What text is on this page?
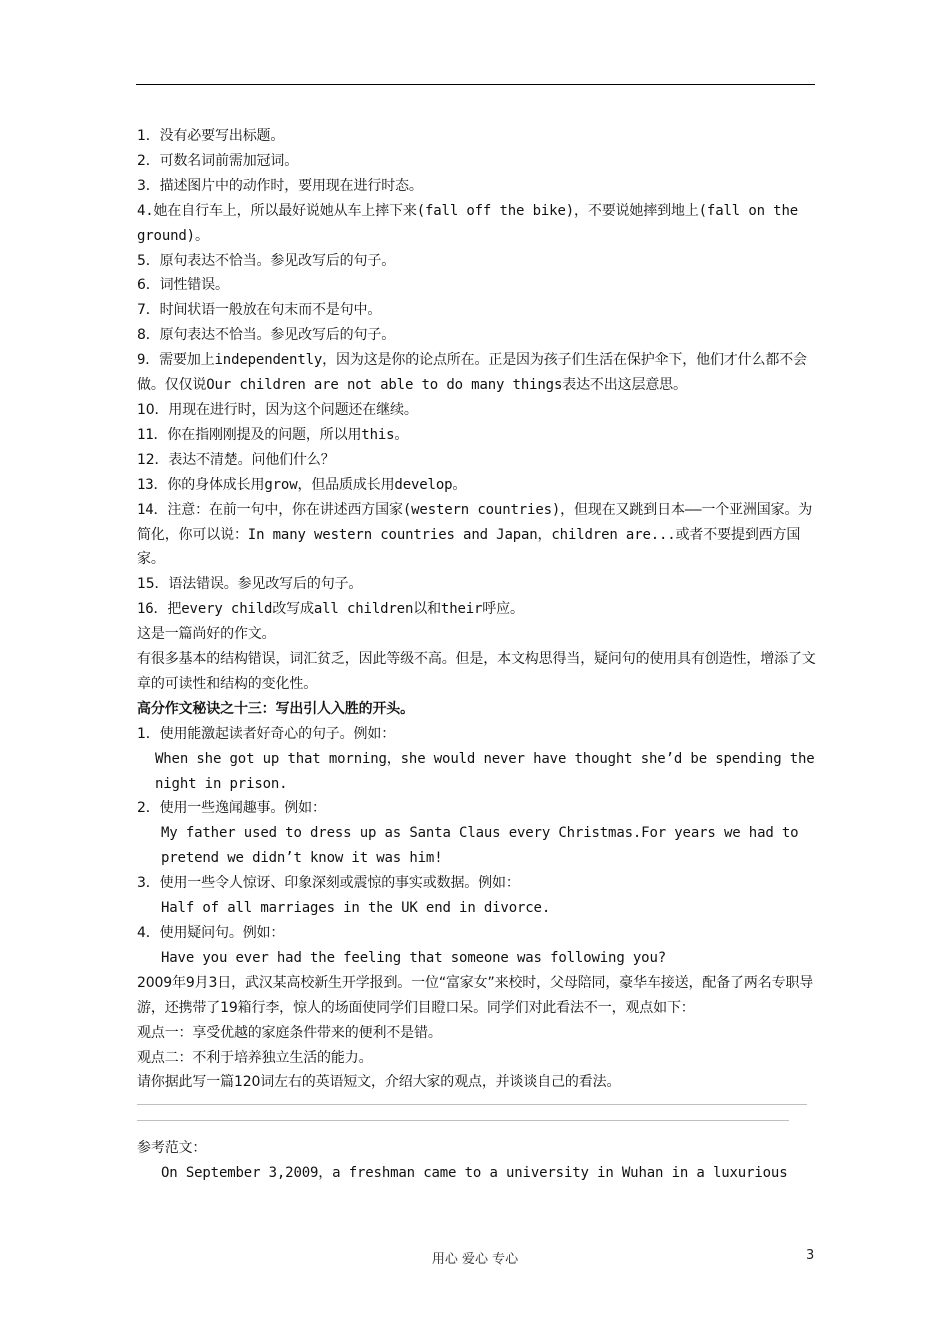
1．没有必要写出标题。

2．可数名词前需加冠词。

3．描述图片中的动作时，要用现在进行时态。

4.她在自行车上，所以最好说她从车上摔下来(fall off the bike)，不要说她摔到地上(fall on the ground)。

5．原句表达不恰当。参见改写后的句子。

6．词性错误。

7．时间状语一般放在句末而不是句中。

8．原句表达不恰当。参见改写后的句子。

9．需要加上independently，因为这是你的论点所在。正是因为孩子们生活在保护伞下，他们才什么都不会做。仅仅说Our children are not able to do many things表达不出这层意思。

10．用现在进行时，因为这个问题还在继续。

11．你在指刚刚提及的问题，所以用this。

12．表达不清楚。问他们什么？

13．你的身体成长用grow，但品质成长用develop。

14．注意：在前一句中，你在讲述西方国家(western countries)，但现在又跳到日本——一个亚洲国家。为简化，你可以说：In many western countries and Japan，children are...或者不要提到西方国家。

15．语法错误。参见改写后的句子。

16．把every child改写成all children以和their呼应。

这是一篇尚好的作文。

有很多基本的结构错误，词汇贫乏，因此等级不高。但是，本文构思得当，疑问句的使用具有创造性，增添了文章的可读性和结构的变化性。

高分作文秘诀之十三：写出引人入胜的开头。

1．使用能激起读者好奇心的句子。例如：

When she got up that morning，she would never have thought she’d be spending the night in prison.

2．使用一些逸闻趣事。例如：

My father used to dress up as Santa Claus every Christmas.For years we had to pretend we didn’t know it was him!

3．使用一些令人惊讶、印象深刻或震惊的事实或数据。例如：

Half of all marriages in the UK end in divorce.

4．使用疑问句。例如：

Have you ever had the feeling that someone was following you?

2009年9月3日，武汉某高校新生开学报到。一位“富家女”来校时，父母陪同，豪华车接送，配备了两名专职导游，还携带了19箱行李，惊人的场面使同学们目瞪口呆。同学们对此看法不一，观点如下：

观点一：享受优越的家庭条件带来的便利不是错。

观点二：不利于培养独立生活的能力。

请你据此写一篇120词左右的英语短文，介绍大家的观点，并谈谈自己的看法。

参考范文：

On September 3,2009，a freshman came to a university in Wuhan in a luxurious

用心 爱心 专心	3
